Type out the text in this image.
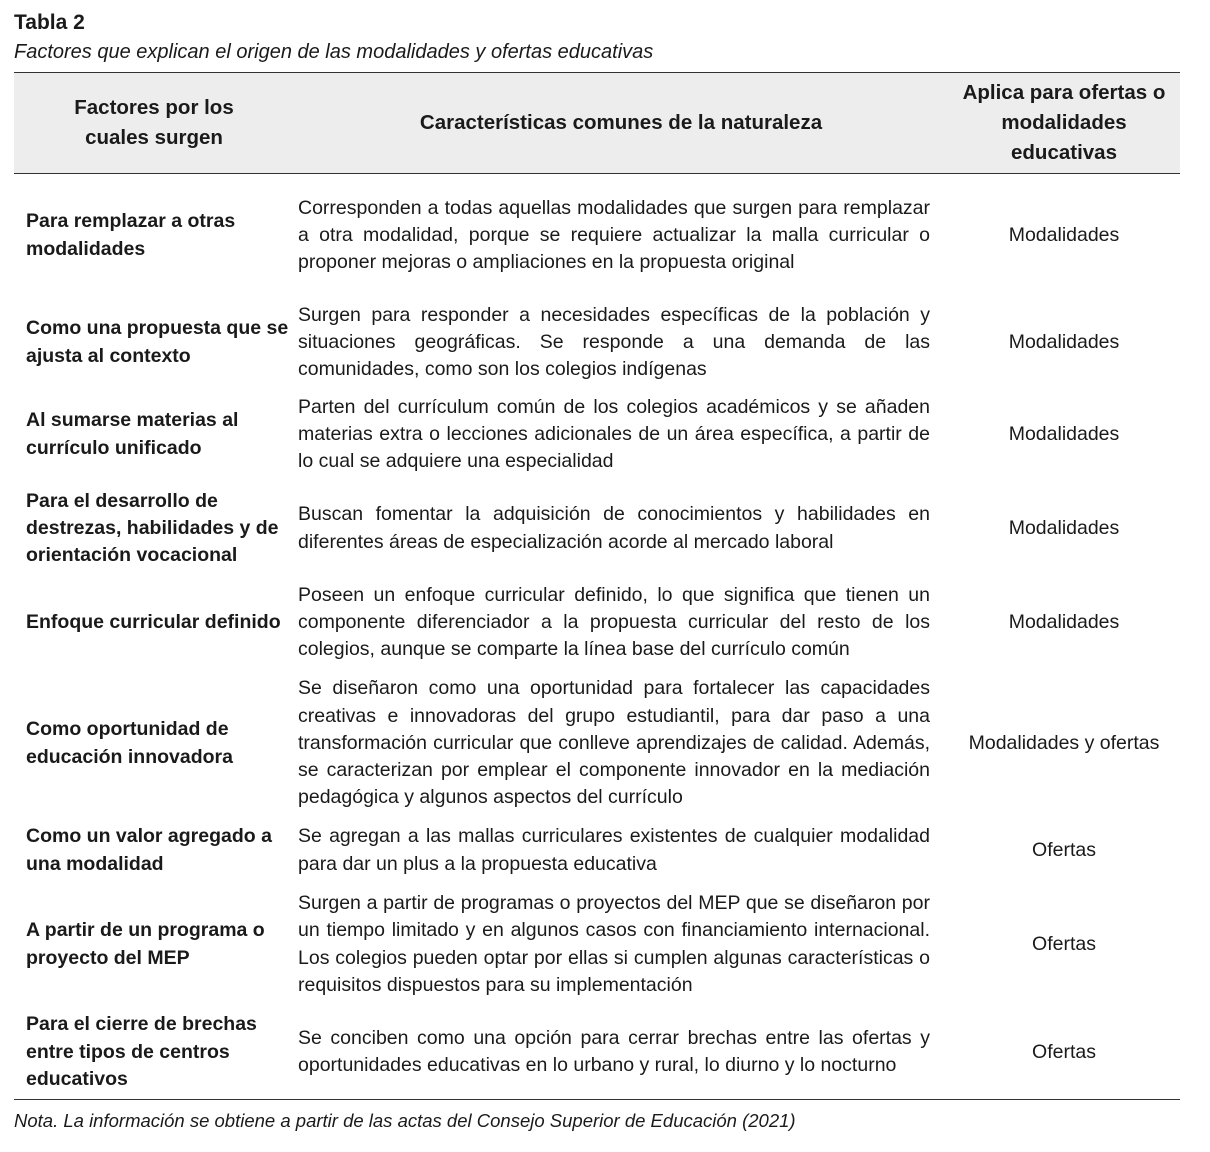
Tabla 2
Factores que explican el origen de las modalidades y ofertas educativas
Factores por los cuales surgen	Características comunes de la naturaleza	Aplica para ofertas o modalidades educativas
Para remplazar a otras modalidades	Corresponden a todas aquellas modalidades que surgen para remplazar a otra modalidad, porque se requiere actualizar la malla curricular o proponer mejoras o ampliaciones en la propuesta original	Modalidades
Como una propuesta que se ajusta al contexto	Surgen para responder a necesidades específicas de la población y situaciones geográficas. Se responde a una demanda de las comunidades, como son los colegios indígenas	Modalidades
Al sumarse materias al currículo unificado	Parten del currículum común de los colegios académicos y se añaden materias extra o lecciones adicionales de un área específica, a partir de lo cual se adquiere una especialidad	Modalidades
Para el desarrollo de destrezas, habilidades y de orientación vocacional	Buscan fomentar la adquisición de conocimientos y habilidades en diferentes áreas de especialización acorde al mercado laboral	Modalidades
Enfoque curricular definido	Poseen un enfoque curricular definido, lo que significa que tienen un componente diferenciador a la propuesta curricular del resto de los colegios, aunque se comparte la línea base del currículo común	Modalidades
Como oportunidad de educación innovadora	Se diseñaron como una oportunidad para fortalecer las capacidades creativas e innovadoras del grupo estudiantil, para dar paso a una transformación curricular que conlleve aprendizajes de calidad. Además, se caracterizan por emplear el componente innovador en la mediación pedagógica y algunos aspectos del currículo	Modalidades y ofertas
Como un valor agregado a una modalidad	Se agregan a las mallas curriculares existentes de cualquier modalidad para dar un plus a la propuesta educativa	Ofertas
A partir de un programa o proyecto del MEP	Surgen a partir de programas o proyectos del MEP que se diseñaron por un tiempo limitado y en algunos casos con financiamiento internacional. Los colegios pueden optar por ellas si cumplen algunas características o requisitos dispuestos para su implementación	Ofertas
Para el cierre de brechas entre tipos de centros educativos	Se conciben como una opción para cerrar brechas entre las ofertas y oportunidades educativas en lo urbano y rural, lo diurno y lo nocturno	Ofertas
Nota. La información se obtiene a partir de las actas del Consejo Superior de Educación (2021)
